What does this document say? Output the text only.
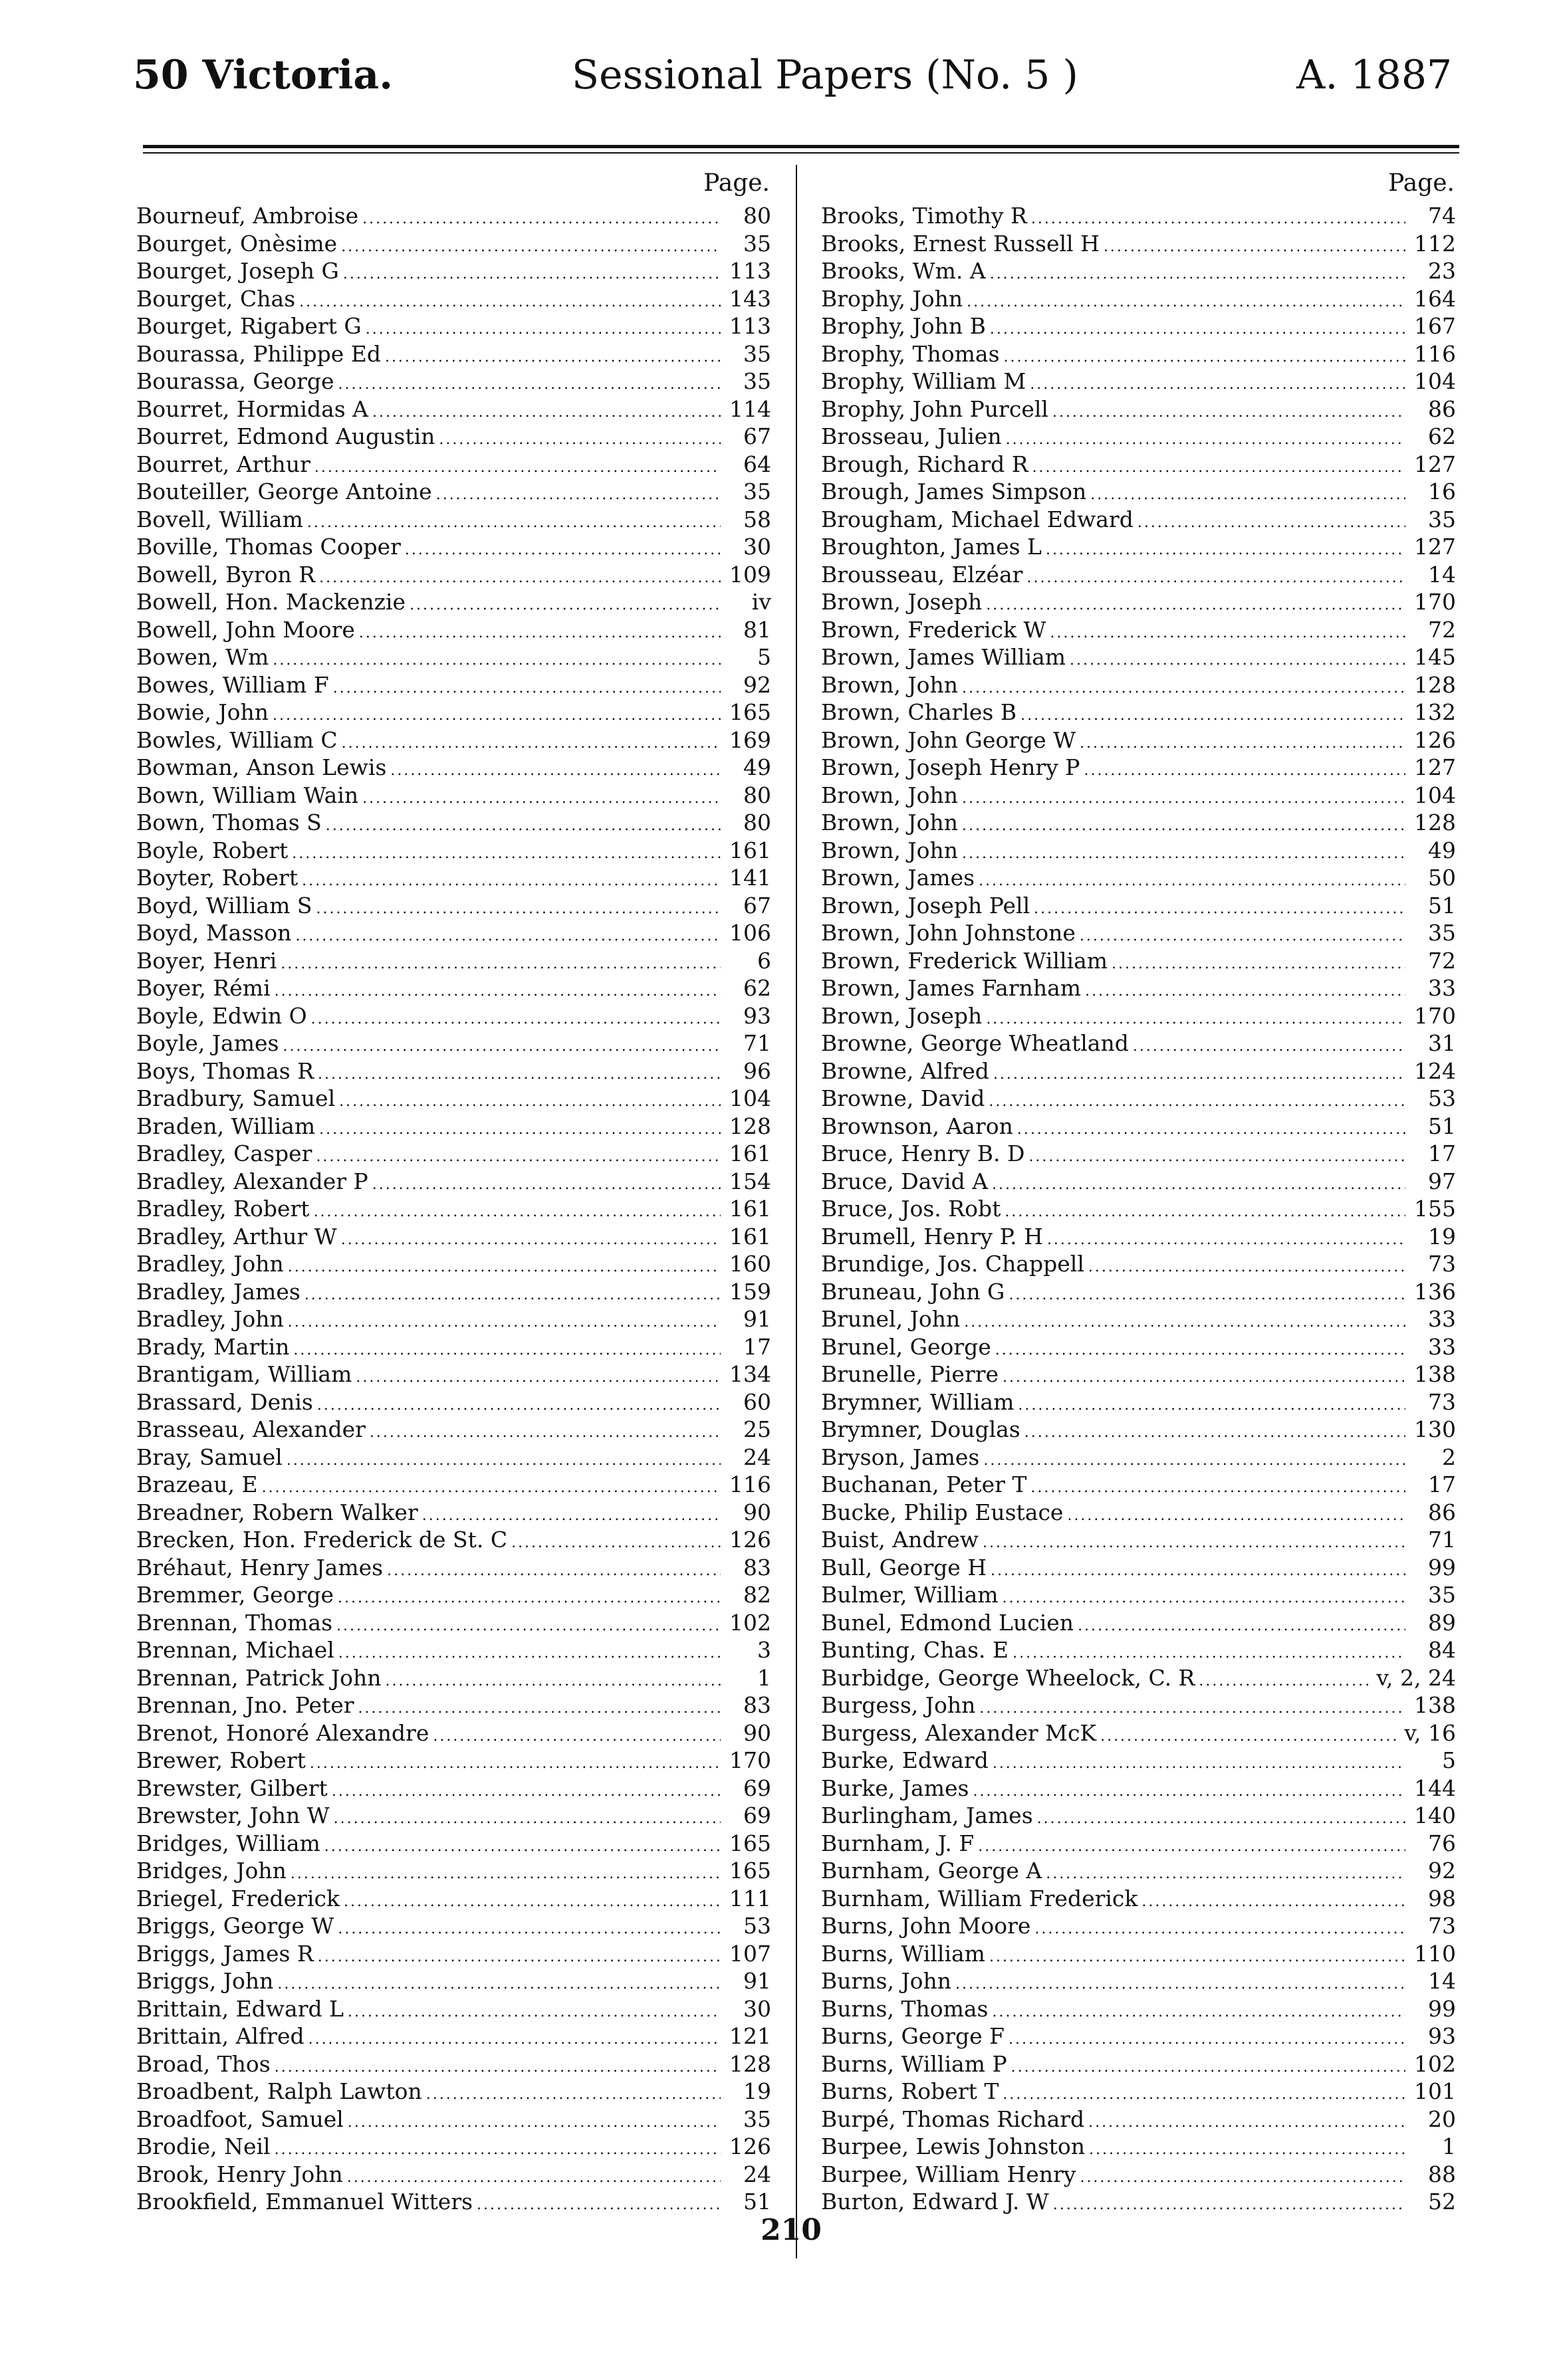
50 Victoria.	Sessional Papers (No. 5 )	A. 1887
Page.
Bourneuf, Ambroise . . .	80
Bourget, Onèsime . . .	35
Bourget, Joseph G . . .	113
Bourget, Chas . . .	143
Bourget, Rigabert G . . .	113
Bourassa, Philippe Ed . . .	35
Bourassa, George . . .	35
Bourret, Hormidas A . . .	114
Bourret, Edmond Augustin . . .	67
Bourret, Arthur . . .	64
Bouteiller, George Antoine . . .	35
Bovell, William . . .	58
Boville, Thomas Cooper . . .	30
Bowell, Byron R . . .	109
Bowell, Hon. Mackenzie . . .	iv
Bowell, John Moore . . .	81
Bowen, Wm . . .	5
Bowes, William F . . .	92
Bowie, John . . .	165
Bowles, William C . . .	169
Bowman, Anson Lewis . . .	49
Bown, William Wain . . .	80
Bown, Thomas S . . .	80
Boyle, Robert . . .	161
Boyter, Robert . . .	141
Boyd, William S . . .	67
Boyd, Masson . . .	106
Boyer, Henri . . .	6
Boyer, Rémi . . .	62
Boyle, Edwin O . . .	93
Boyle, James . . .	71
Boys, Thomas R . . .	96
Bradbury, Samuel . . .	104
Braden, William . . .	128
Bradley, Casper . . .	161
Bradley, Alexander P . . .	154
Bradley, Robert . . .	161
Bradley, Arthur W . . .	161
Bradley, John . . .	160
Bradley, James . . .	159
Bradley, John . . .	91
Brady, Martin . . .	17
Brantigam, William . . .	134
Brassard, Denis . . .	60
Brasseau, Alexander . . .	25
Bray, Samuel . . .	24
Brazeau, E . . .	116
Breadner, Robern Walker . . .	90
Brecken, Hon. Frederick de St. C . . .	126
Bréhaut, Henry James . . .	83
Bremmer, George . . .	82
Brennan, Thomas . . .	102
Brennan, Michael . . .	3
Brennan, Patrick John . . .	1
Brennan, Jno. Peter . . .	83
Brenot, Honoré Alexandre . . .	90
Brewer, Robert . . .	170
Brewster, Gilbert . . .	69
Brewster, John W . . .	69
Bridges, William . . .	165
Bridges, John . . .	165
Briegel, Frederick . . .	111
Briggs, George W . . .	53
Briggs, James R . . .	107
Briggs, John . . .	91
Brittain, Edward L . . .	30
Brittain, Alfred . . .	121
Broad, Thos . . .	128
Broadbent, Ralph Lawton . . .	19
Broadfoot, Samuel . . .	35
Brodie, Neil . . .	126
Brook, Henry John . . .	24
Brookfield, Emmanuel Witters . . .	51
Page.
Brooks, Timothy R . . .	74
Brooks, Ernest Russell H . . .	112
Brooks, Wm. A . . .	23
Brophy, John . . .	164
Brophy, John B . . .	167
Brophy, Thomas . . .	116
Brophy, William M . . .	104
Brophy, John Purcell . . .	86
Brosseau, Julien . . .	62
Brough, Richard R . . .	127
Brough, James Simpson . . .	16
Brougham, Michael Edward . . .	35
Broughton, James L . . .	127
Brousseau, Elzéar . . .	14
Brown, Joseph . . .	170
Brown, Frederick W . . .	72
Brown, James William . . .	145
Brown, John . . .	128
Brown, Charles B . . .	132
Brown, John George W . . .	126
Brown, Joseph Henry P . . .	127
Brown, John . . .	104
Brown, John . . .	128
Brown, John . . .	49
Brown, James . . .	50
Brown, Joseph Pell . . .	51
Brown, John Johnstone . . .	35
Brown, Frederick William . . .	72
Brown, James Farnham . . .	33
Brown, Joseph . . .	170
Browne, George Wheatland . . .	31
Browne, Alfred . . .	124
Browne, David . . .	53
Brownson, Aaron . . .	51
Bruce, Henry B. D . . .	17
Bruce, David A . . .	97
Bruce, Jos. Robt . . .	155
Brumell, Henry P. H . . .	19
Brundige, Jos. Chappell . . .	73
Bruneau, John G . . .	136
Brunel, John . . .	33
Brunel, George . . .	33
Brunelle, Pierre . . .	138
Brymner, William . . .	73
Brymner, Douglas . . .	130
Bryson, James . . .	2
Buchanan, Peter T . . .	17
Bucke, Philip Eustace . . .	86
Buist, Andrew . . .	71
Bull, George H . . .	99
Bulmer, William . . .	35
Bunel, Edmond Lucien . . .	89
Bunting, Chas. E . . .	84
Burbidge, George Wheelock, C. R . . .	v, 2, 24
Burgess, John . . .	138
Burgess, Alexander McK . . .	v, 16
Burke, Edward . . .	5
Burke, James . . .	144
Burlingham, James . . .	140
Burnham, J. F . . .	76
Burnham, George A . . .	92
Burnham, William Frederick . . .	98
Burns, John Moore . . .	73
Burns, William . . .	110
Burns, John . . .	14
Burns, Thomas . . .	99
Burns, George F . . .	93
Burns, William P . . .	102
Burns, Robert T . . .	101
Burpé, Thomas Richard . . .	20
Burpee, Lewis Johnston . . .	1
Burpee, William Henry . . .	88
Burton, Edward J. W . . .	52
210
